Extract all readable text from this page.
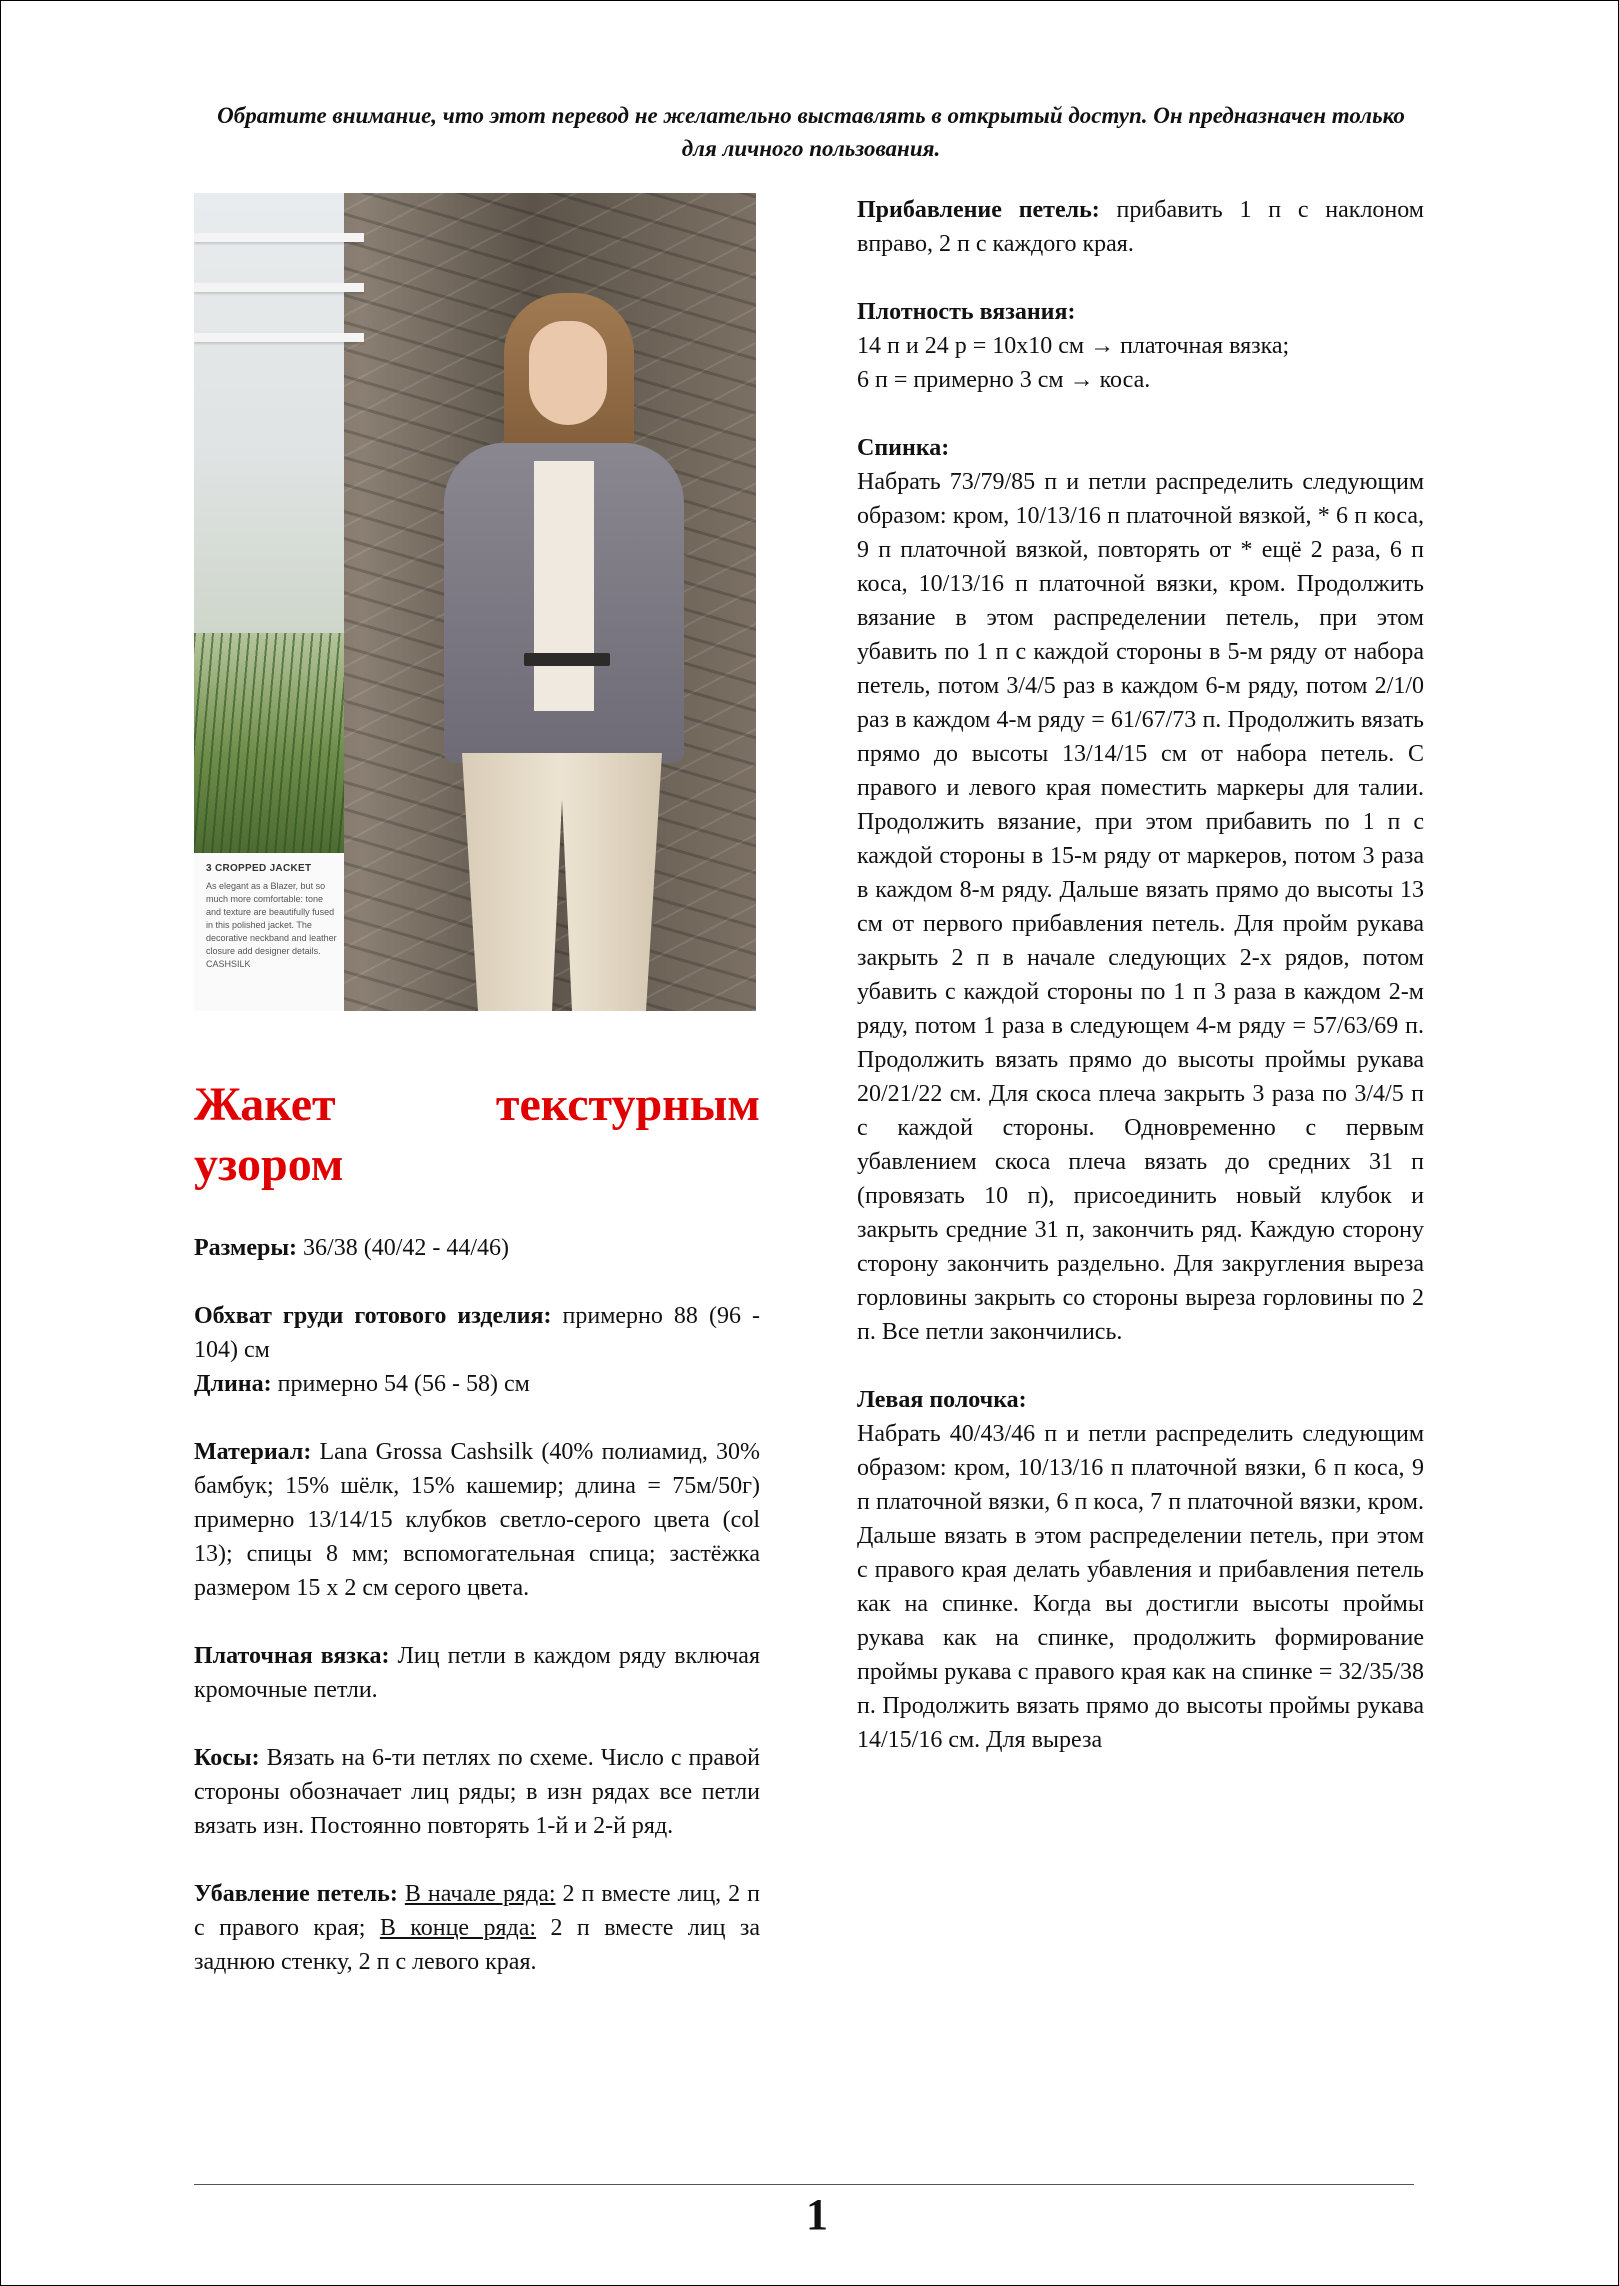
Обратите внимание, что этот перевод не желательно выставлять в открытый доступ. Он предназначен только для личного пользования.
3 CROPPED JACKET
As elegant as a Blazer, but so much more comfortable: tone and texture are beautifully fused in this polished jacket. The decorative neckband and leather closure add designer details. CASHSILK
Жакет текстурным
узором

Размеры: 36/38 (40/42 - 44/46)

Обхват груди готового изделия: примерно 88 (96 - 104) см

Длина: примерно 54 (56 - 58) см

Материал: Lana Grossa Cashsilk (40% полиамид, 30% бамбук; 15% шёлк, 15% кашемир; длина = 75м/50г) примерно 13/14/15 клубков светло-серого цвета (col 13); спицы 8 мм; вспомогательная спица; застёжка размером 15 x 2 см серого цвета.

Платочная вязка: Лиц петли в каждом ряду включая кромочные петли.

Косы: Вязать на 6-ти петлях по схеме. Число с правой стороны обозначает лиц ряды; в изн рядах все петли вязать изн. Постоянно повторять 1-й и 2-й ряд.

Убавление петель: В начале ряда: 2 п вместе лиц, 2 п с правого края; В конце ряда: 2 п вместе лиц за заднюю стенку, 2 п с левого края.

Прибавление петель: прибавить 1 п с наклоном вправо, 2 п с каждого края.

Плотность вязания:
14 п и 24 р = 10x10 см → платочная вязка;
6 п = примерно 3 см → коса.

Спинка:
Набрать 73/79/85 п и петли распределить следующим образом: кром, 10/13/16 п платочной вязкой, * 6 п коса, 9 п платочной вязкой, повторять от * ещё 2 раза, 6 п коса, 10/13/16 п платочной вязки, кром. Продолжить вязание в этом распределении петель, при этом убавить по 1 п с каждой стороны в 5-м ряду от набора петель, потом 3/4/5 раз в каждом 6-м ряду, потом 2/1/0 раз в каждом 4-м ряду = 61/67/73 п. Продолжить вязать прямо до высоты 13/14/15 см от набора петель. С правого и левого края поместить маркеры для талии. Продолжить вязание, при этом прибавить по 1 п с каждой стороны в 15-м ряду от маркеров, потом 3 раза в каждом 8-м ряду. Дальше вязать прямо до высоты 13 см от первого прибавления петель. Для пройм рукава закрыть 2 п в начале следующих 2-х рядов, потом убавить с каждой стороны по 1 п 3 раза в каждом 2-м ряду, потом 1 раза в следующем 4-м ряду = 57/63/69 п. Продолжить вязать прямо до высоты проймы рукава 20/21/22 см. Для скоса плеча закрыть 3 раза по 3/4/5 п с каждой стороны. Одновременно с первым убавлением скоса плеча вязать до средних 31 п (провязать 10 п), присоединить новый клубок и закрыть средние 31 п, закончить ряд. Каждую сторону сторону закончить раздельно. Для закругления выреза горловины закрыть со стороны выреза горловины по 2 п. Все петли закончились.

Левая полочка:
Набрать 40/43/46 п и петли распределить следующим образом: кром, 10/13/16 п платочной вязки, 6 п коса, 9 п платочной вязки, 6 п коса, 7 п платочной вязки, кром. Дальше вязать в этом распределении петель, при этом с правого края делать убавления и прибавления петель как на спинке. Когда вы достигли высоты проймы рукава как на спинке, продолжить формирование проймы рукава с правого края как на спинке = 32/35/38 п. Продолжить вязать прямо до высоты проймы рукава 14/15/16 см. Для выреза

1
